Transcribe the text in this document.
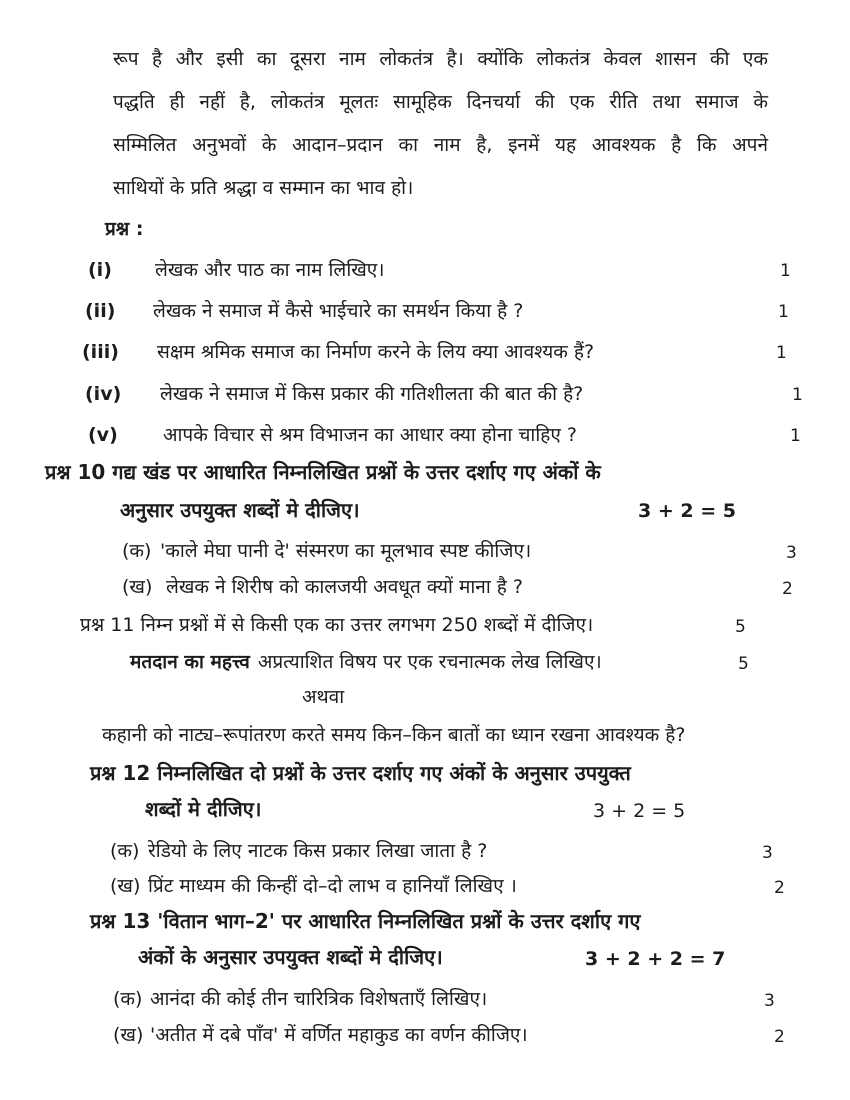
रूप है और इसी का दूसरा नाम लोकतंत्र है। क्योंकि लोकतंत्र केवल शासन की एक
पद्धति ही नहीं है, लोकतंत्र मूलतः सामूहिक दिनचर्या की एक रीति तथा समाज के
सम्मिलित अनुभवों के आदान–प्रदान का नाम है, इनमें यह आवश्यक है कि अपने
साथियों के प्रति श्रद्धा व सम्मान का भाव हो।
प्रश्न :
(i) लेखक और पाठ का नाम लिखिए।	1
(ii) लेखक ने समाज में कैसे भाईचारे का समर्थन किया है ?	1
(iii) सक्षम श्रमिक समाज का निर्माण करने के लिय क्या आवश्यक हैं?	1
(iv) लेखक ने समाज में किस प्रकार की गतिशीलता की बात की है?	1
(v) आपके विचार से श्रम विभाजन का आधार क्या होना चाहिए ?	1
प्रश्न 10 गद्य खंड पर आधारित निम्नलिखित प्रश्नों के उत्तर दर्शाए गए अंकों के
अनुसार उपयुक्त शब्दों मे दीजिए।	3 + 2 = 5
(क) 'काले मेघा पानी दे' संस्मरण का मूलभाव स्पष्ट कीजिए।	3
(ख) लेखक ने शिरीष को कालजयी अवधूत क्यों माना है ?	2
प्रश्न 11 निम्न प्रश्नों में से किसी एक का उत्तर लगभग 250 शब्दों में दीजिए।	5
मतदान का महत्त्व अप्रत्याशित विषय पर एक रचनात्मक लेख लिखिए।	5
अथवा
कहानी को नाट्य–रूपांतरण करते समय किन–किन बातों का ध्यान रखना आवश्यक है?
प्रश्न 12 निम्नलिखित दो प्रश्नों के उत्तर दर्शाए गए अंकों के अनुसार उपयुक्त
शब्दों मे दीजिए।	3 + 2 = 5
(क) रेडियो के लिए नाटक किस प्रकार लिखा जाता है ?	3
(ख) प्रिंट माध्यम की किन्हीं दो–दो लाभ व हानियाँ लिखिए ।	2
प्रश्न 13 'वितान भाग–2' पर आधारित निम्नलिखित प्रश्नों के उत्तर दर्शाए गए
अंकों के अनुसार उपयुक्त शब्दों मे दीजिए।	3 + 2 + 2 = 7
(क) आनंदा की कोई तीन चारित्रिक विशेषताएँ लिखिए।	3
(ख) 'अतीत में दबे पाँव' में वर्णित महाकुड का वर्णन कीजिए।	2
